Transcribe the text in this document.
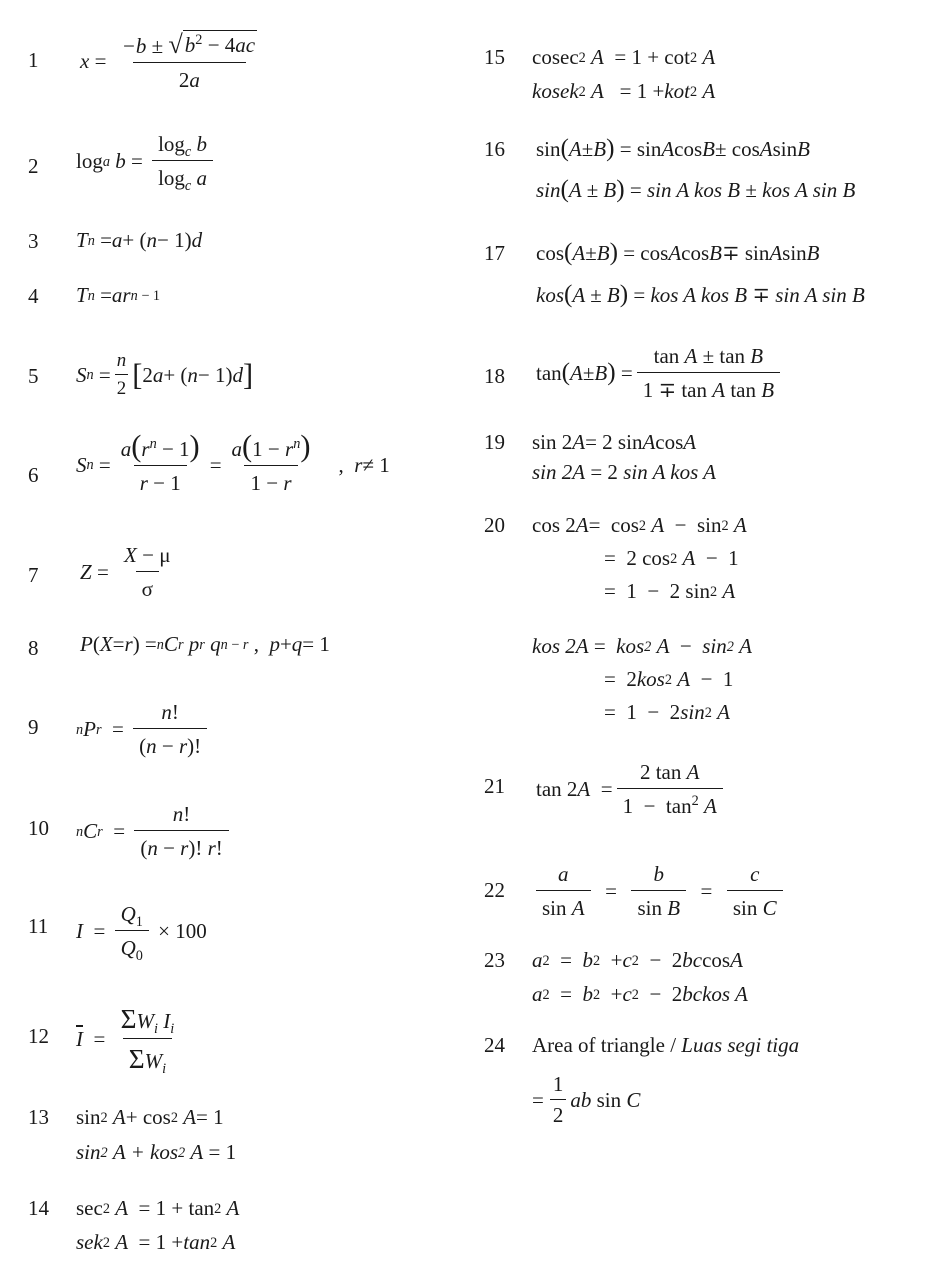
1
2
3
4
5
6
7
8
9
10
11
12
13
14
15
16
17
18
19
20
21
22
23
24
$x = \frac{-b \pm √ b^2 - 4ac}{2a}$
log a
$b = \frac{\log_c b}{\log_c a}$
T n = a + ( n − 1) d
T n = ar n − 1
S $n = \frac{n}{2}$ [ 2 a + ( n − 1) d ]
S $n = \frac{a(r^n - 1)}{r - 1} = \frac{a(1 - r^n)}{1 - r}$ , r ≠ 1
$Z = \frac{X - \mu}{\sigma}$
P ( X = r ) = n C r
p r
q n − r , p + q = 1
n P $r = \frac{n!}{(n - r)!}$
n C $r = \frac{n!}{(n - r)! r!}$
$I = \frac{Q_1}{Q_0} \times 100$
$\overline{I} = \frac{\Sigma W_i I_i}{\Sigma W_i}$
sin 2
A + cos 2
A = 1
sin 2 A + kos 2 A = 1
sec 2
A = 1 + tan 2
A
sek 2
A = 1 + tan 2
A
cosec 2
A = 1 + cot 2
A
kosek 2
A = 1 + kot 2
A
sin ( A ± B ) = sin A cos B ± cos A sin B
sin ( A ± B ) = sin A kos B ± kos A sin B
cos ( A ± B ) = cos A cos B ∓ sin A sin B
kos ( A ± B ) = kos A kos B ∓ sin A sin B
tan ( A ± B ) = $\frac{\text{tan A ± tan B}}{\text{1 ∓ tan A tan B}}$
sin 2 A = 2 sin A cos A
sin 2A = 2 sin A kos A
cos 2 A =  cos 2
A −  sin 2
A
=  2 cos 2
A −  1
=  1  −  2 sin 2
A
kos 2A = kos 2 A − sin 2 A
=  2 kos 2
A −  1
=  1  −  2 sin 2
A
tan 2 $A = \frac{\text{2 tan A}}{1 - \tan^2 A}$
$\frac{a}{\text{sin A}} = \frac{b}{\text{sin B}} = \frac{c}{\text{sin C}}$
a 2 = b 2 + c 2 −  2 bc cos A
a 2 = b 2 + c 2 −  2 bc kos A
Area of triangle / Luas segi tiga
= $\frac{1}{2}$ ab sin C
